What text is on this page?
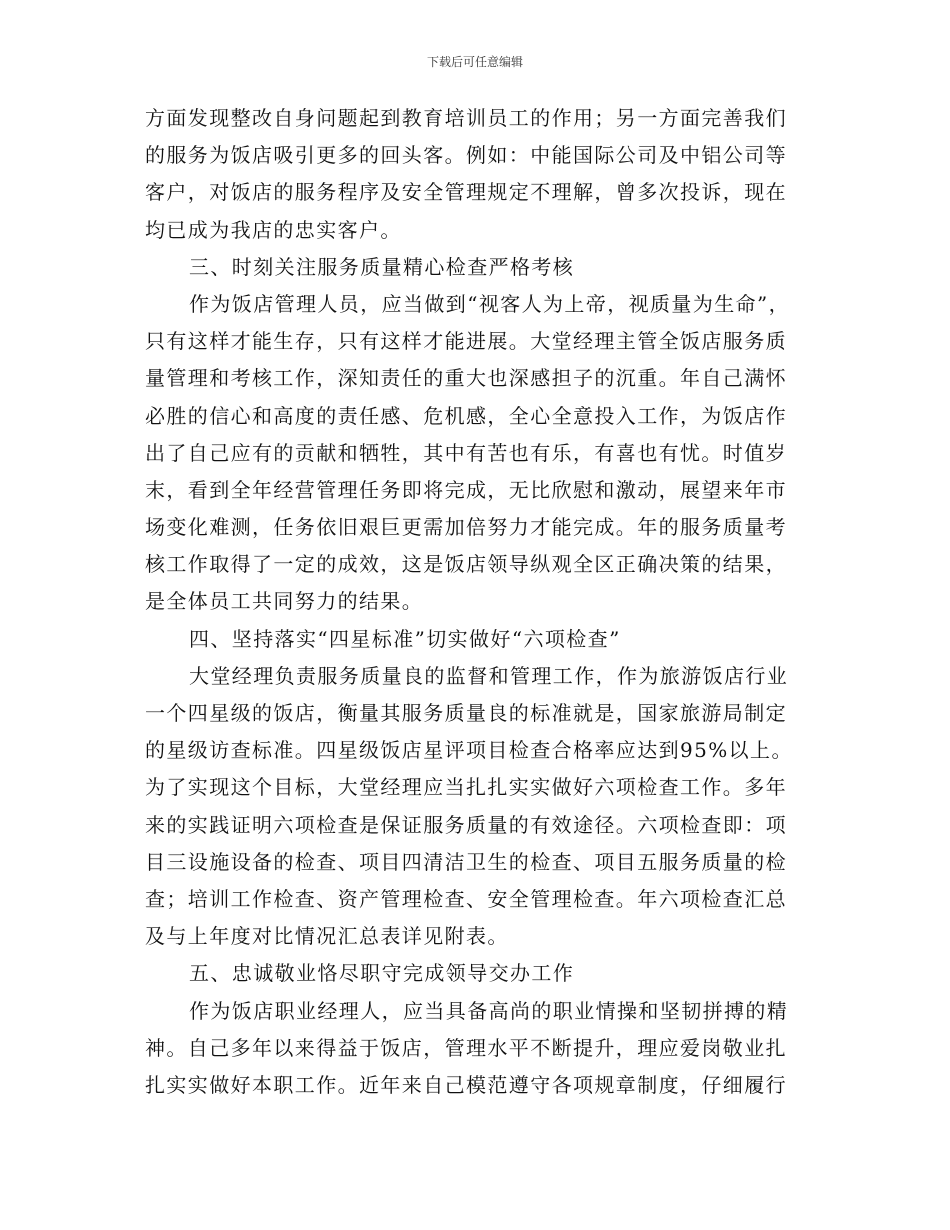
下载后可任意编辑
方面发现整改自身问题起到教育培训员工的作用；另一方面完善我们
的服务为饭店吸引更多的回头客。例如：中能国际公司及中铝公司等
客户，对饭店的服务程序及安全管理规定不理解，曾多次投诉，现在
均已成为我店的忠实客户。
三、时刻关注服务质量精心检查严格考核
作为饭店管理人员，应当做到“视客人为上帝，视质量为生命”，
只有这样才能生存，只有这样才能进展。大堂经理主管全饭店服务质
量管理和考核工作，深知责任的重大也深感担子的沉重。年自己满怀
必胜的信心和高度的责任感、危机感，全心全意投入工作，为饭店作
出了自己应有的贡献和牺牲，其中有苦也有乐，有喜也有忧。时值岁
末，看到全年经营管理任务即将完成，无比欣慰和激动，展望来年市
场变化难测，任务依旧艰巨更需加倍努力才能完成。年的服务质量考
核工作取得了一定的成效，这是饭店领导纵观全区正确决策的结果，
是全体员工共同努力的结果。
四、坚持落实“四星标准”切实做好“六项检查”
大堂经理负责服务质量良的监督和管理工作，作为旅游饭店行业
一个四星级的饭店，衡量其服务质量良的标准就是，国家旅游局制定
的星级访查标准。四星级饭店星评项目检查合格率应达到95%以上。
为了实现这个目标，大堂经理应当扎扎实实做好六项检查工作。多年
来的实践证明六项检查是保证服务质量的有效途径。六项检查即：项
目三设施设备的检查、项目四清洁卫生的检查、项目五服务质量的检
查；培训工作检查、资产管理检查、安全管理检查。年六项检查汇总
及与上年度对比情况汇总表详见附表。
五、忠诚敬业恪尽职守完成领导交办工作
作为饭店职业经理人，应当具备高尚的职业情操和坚韧拼搏的精
神。自己多年以来得益于饭店，管理水平不断提升，理应爱岗敬业扎
扎实实做好本职工作。近年来自己模范遵守各项规章制度，仔细履行
